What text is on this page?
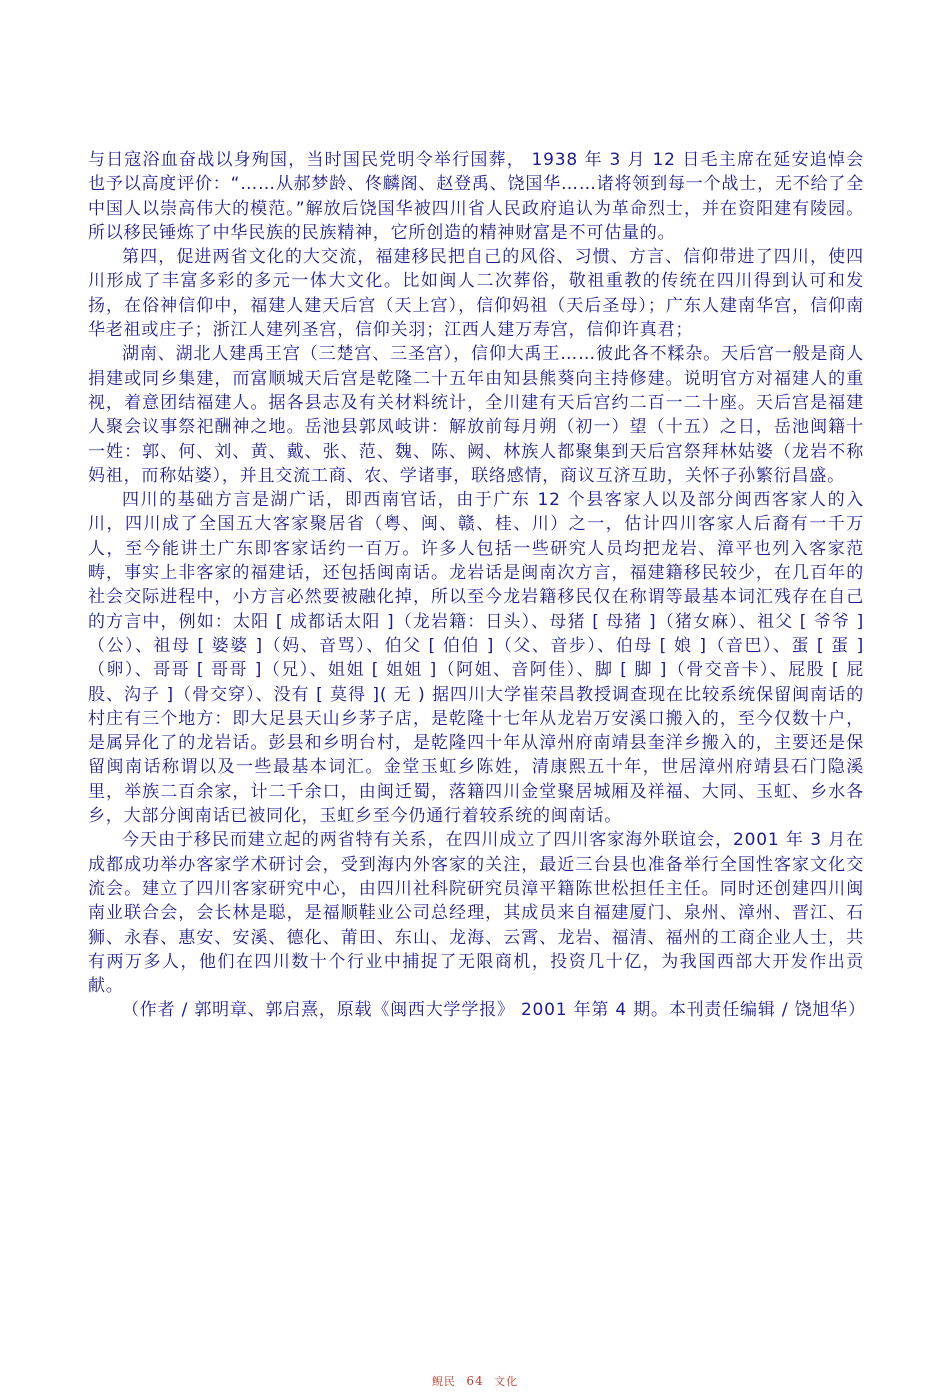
与日寇浴血奋战以身殉国，当时国民党明令举行国葬， 1938 年 3 月 12 日毛主席在延安追悼会也予以高度评价：“……从郝梦龄、佟麟阁、赵登禹、饶国华……诸将领到每一个战士，无不给了全中国人以崇高伟大的模范。”解放后饶国华被四川省人民政府追认为革命烈士，并在资阳建有陵园。所以移民锤炼了中华民族的民族精神，它所创造的精神财富是不可估量的。

第四，促进两省文化的大交流，福建移民把自己的风俗、习惯、方言、信仰带进了四川，使四川形成了丰富多彩的多元一体大文化。比如闽人二次葬俗，敬祖重教的传统在四川得到认可和发扬，在俗神信仰中，福建人建天后宫（天上宫），信仰妈祖（天后圣母）；广东人建南华宫，信仰南华老祖或庄子；浙江人建列圣宫，信仰关羽；江西人建万寿宫，信仰许真君；

湖南、湖北人建禹王宫（三楚宫、三圣宫），信仰大禹王……彼此各不糅杂。天后宫一般是商人捐建或同乡集建，而富顺城天后宫是乾隆二十五年由知县熊葵向主持修建。说明官方对福建人的重视，着意团结福建人。据各县志及有关材料统计，全川建有天后宫约二百一二十座。天后宫是福建人聚会议事祭祀酬神之地。岳池县郭凤岐讲：解放前每月朔（初一）望（十五）之日，岳池闽籍十一姓：郭、何、刘、黄、戴、张、范、魏、陈、阙、林族人都聚集到天后宫祭拜林姑婆（龙岩不称妈祖，而称姑婆），并且交流工商、农、学诸事，联络感情，商议互济互助，关怀子孙繁衍昌盛。

四川的基础方言是湖广话，即西南官话，由于广东 12 个县客家人以及部分闽西客家人的入川，四川成了全国五大客家聚居省（粤、闽、赣、桂、川）之一，估计四川客家人后裔有一千万人，至今能讲土广东即客家话约一百万。许多人包括一些研究人员均把龙岩、漳平也列入客家范畴，事实上非客家的福建话，还包括闽南话。龙岩话是闽南次方言，福建籍移民较少，在几百年的社会交际进程中，小方言必然要被融化掉，所以至今龙岩籍移民仅在称谓等最基本词汇残存在自己的方言中，例如：太阳 [ 成都话太阳 ]（龙岩籍：日头）、母猪 [ 母猪 ]（猪女麻）、祖父 [ 爷爷 ]（公）、祖母 [ 婆婆 ]（妈、音骂）、伯父 [ 伯伯 ]（父、音步）、伯母 [ 娘 ]（音巴）、蛋 [ 蛋 ]（卵）、哥哥 [ 哥哥 ]（兄）、姐姐 [ 姐姐 ]（阿姐、音阿佳）、脚 [ 脚 ]（骨交音卡）、屁股 [ 屁股、沟子 ]（骨交穿）、没有 [ 莫得 ]( 无 ) 据四川大学崔荣昌教授调查现在比较系统保留闽南话的村庄有三个地方：即大足县天山乡茅子店，是乾隆十七年从龙岩万安溪口搬入的，至今仅数十户，是属异化了的龙岩话。彭县和乡明台村，是乾隆四十年从漳州府南靖县奎洋乡搬入的，主要还是保留闽南话称谓以及一些最基本词汇。金堂玉虹乡陈姓，清康熙五十年，世居漳州府靖县石门隐溪里，举族二百余家，计二千余口，由闽迁蜀，落籍四川金堂聚居城厢及祥福、大同、玉虹、乡水各乡，大部分闽南话已被同化，玉虹乡至今仍通行着较系统的闽南话。

今天由于移民而建立起的两省特有关系，在四川成立了四川客家海外联谊会，2001 年 3 月在成都成功举办客家学术研讨会，受到海内外客家的关注，最近三台县也准备举行全国性客家文化交流会。建立了四川客家研究中心，由四川社科院研究员漳平籍陈世松担任主任。同时还创建四川闽南业联合会，会长林是聪，是福顺鞋业公司总经理，其成员来自福建厦门、泉州、漳州、晋江、石狮、永春、惠安、安溪、德化、莆田、东山、龙海、云霄、龙岩、福清、福州的工商企业人士，共有两万多人，他们在四川数十个行业中捕捉了无限商机，投资几十亿，为我国西部大开发作出贡献。

（作者 / 郭明章、郭启熹，原载《闽西大学学报》 2001 年第 4 期。本刊责任编辑 / 饶旭华）

鲵民 64 文化
